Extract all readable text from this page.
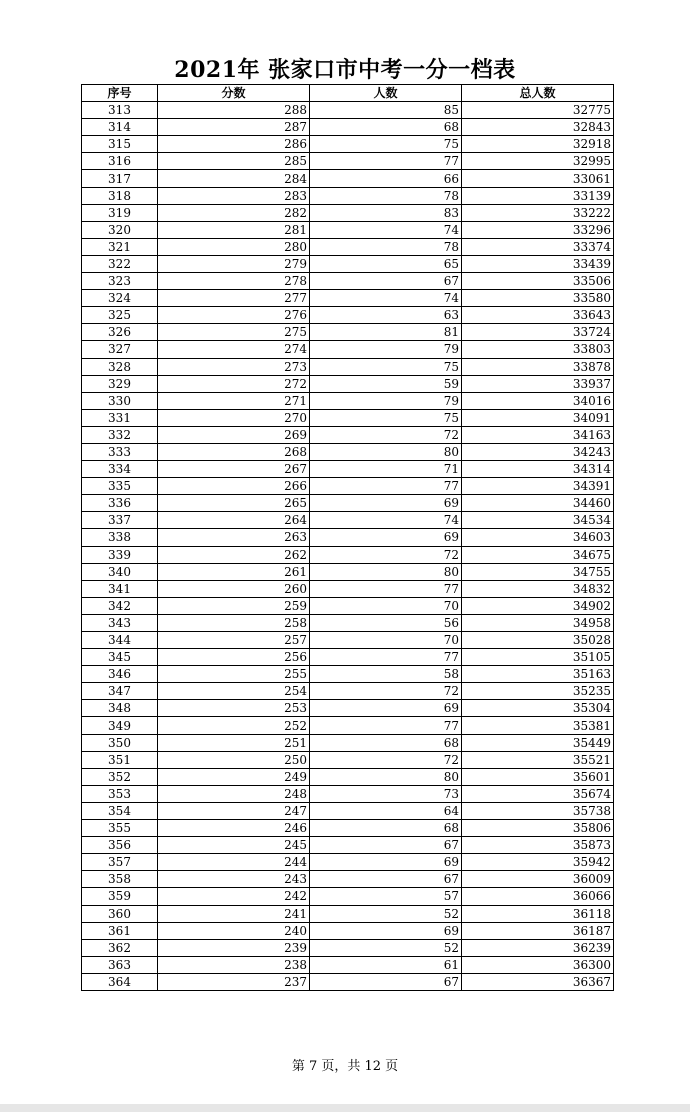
2021年 张家口市中考一分一档表
序号	分数	人数	总人数
313	288	85	32775
314	287	68	32843
315	286	75	32918
316	285	77	32995
317	284	66	33061
318	283	78	33139
319	282	83	33222
320	281	74	33296
321	280	78	33374
322	279	65	33439
323	278	67	33506
324	277	74	33580
325	276	63	33643
326	275	81	33724
327	274	79	33803
328	273	75	33878
329	272	59	33937
330	271	79	34016
331	270	75	34091
332	269	72	34163
333	268	80	34243
334	267	71	34314
335	266	77	34391
336	265	69	34460
337	264	74	34534
338	263	69	34603
339	262	72	34675
340	261	80	34755
341	260	77	34832
342	259	70	34902
343	258	56	34958
344	257	70	35028
345	256	77	35105
346	255	58	35163
347	254	72	35235
348	253	69	35304
349	252	77	35381
350	251	68	35449
351	250	72	35521
352	249	80	35601
353	248	73	35674
354	247	64	35738
355	246	68	35806
356	245	67	35873
357	244	69	35942
358	243	67	36009
359	242	57	36066
360	241	52	36118
361	240	69	36187
362	239	52	36239
363	238	61	36300
364	237	67	36367
第 7 页，共 12 页
